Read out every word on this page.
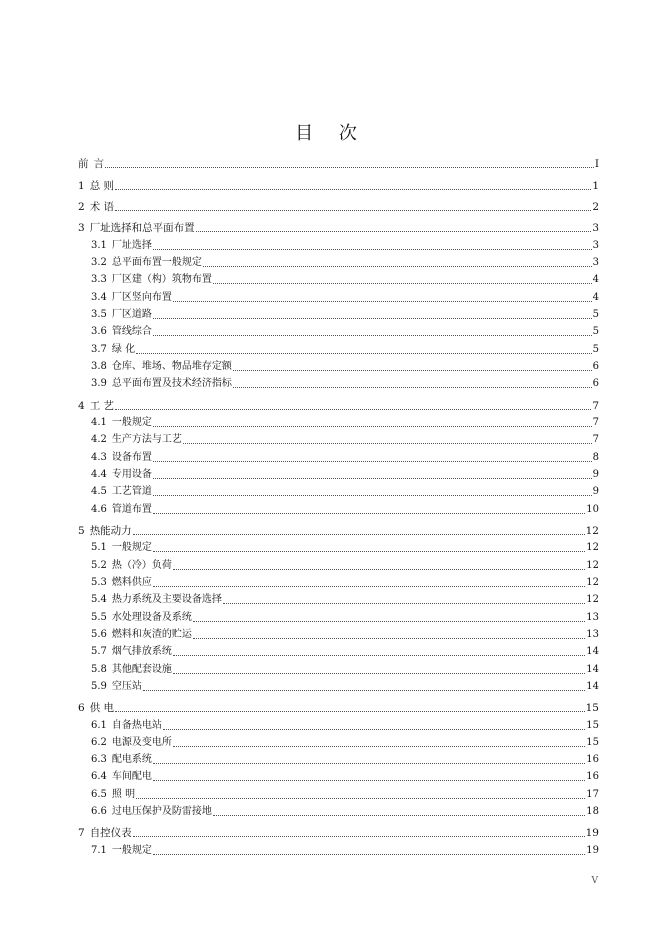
目 次
前 言	I
1 总 则	1
2 术 语	2
3 厂址选择和总平面布置	3
3.1 厂址选择	3
3.2 总平面布置一般规定	3
3.3 厂区建（构）筑物布置	4
3.4 厂区竖向布置	4
3.5 厂区道路	5
3.6 管线综合	5
3.7 绿 化	5
3.8 仓库、堆场、物品堆存定额	6
3.9 总平面布置及技术经济指标	6
4 工 艺	7
4.1 一般规定	7
4.2 生产方法与工艺	7
4.3 设备布置	8
4.4 专用设备	9
4.5 工艺管道	9
4.6 管道布置	10
5 热能动力	12
5.1 一般规定	12
5.2 热（冷）负荷	12
5.3 燃料供应	12
5.4 热力系统及主要设备选择	12
5.5 水处理设备及系统	13
5.6 燃料和灰渣的贮运	13
5.7 烟气排放系统	14
5.8 其他配套设施	14
5.9 空压站	14
6 供 电	15
6.1 自备热电站	15
6.2 电源及变电所	15
6.3 配电系统	16
6.4 车间配电	16
6.5 照 明	17
6.6 过电压保护及防雷接地	18
7 自控仪表	19
7.1 一般规定	19
V
